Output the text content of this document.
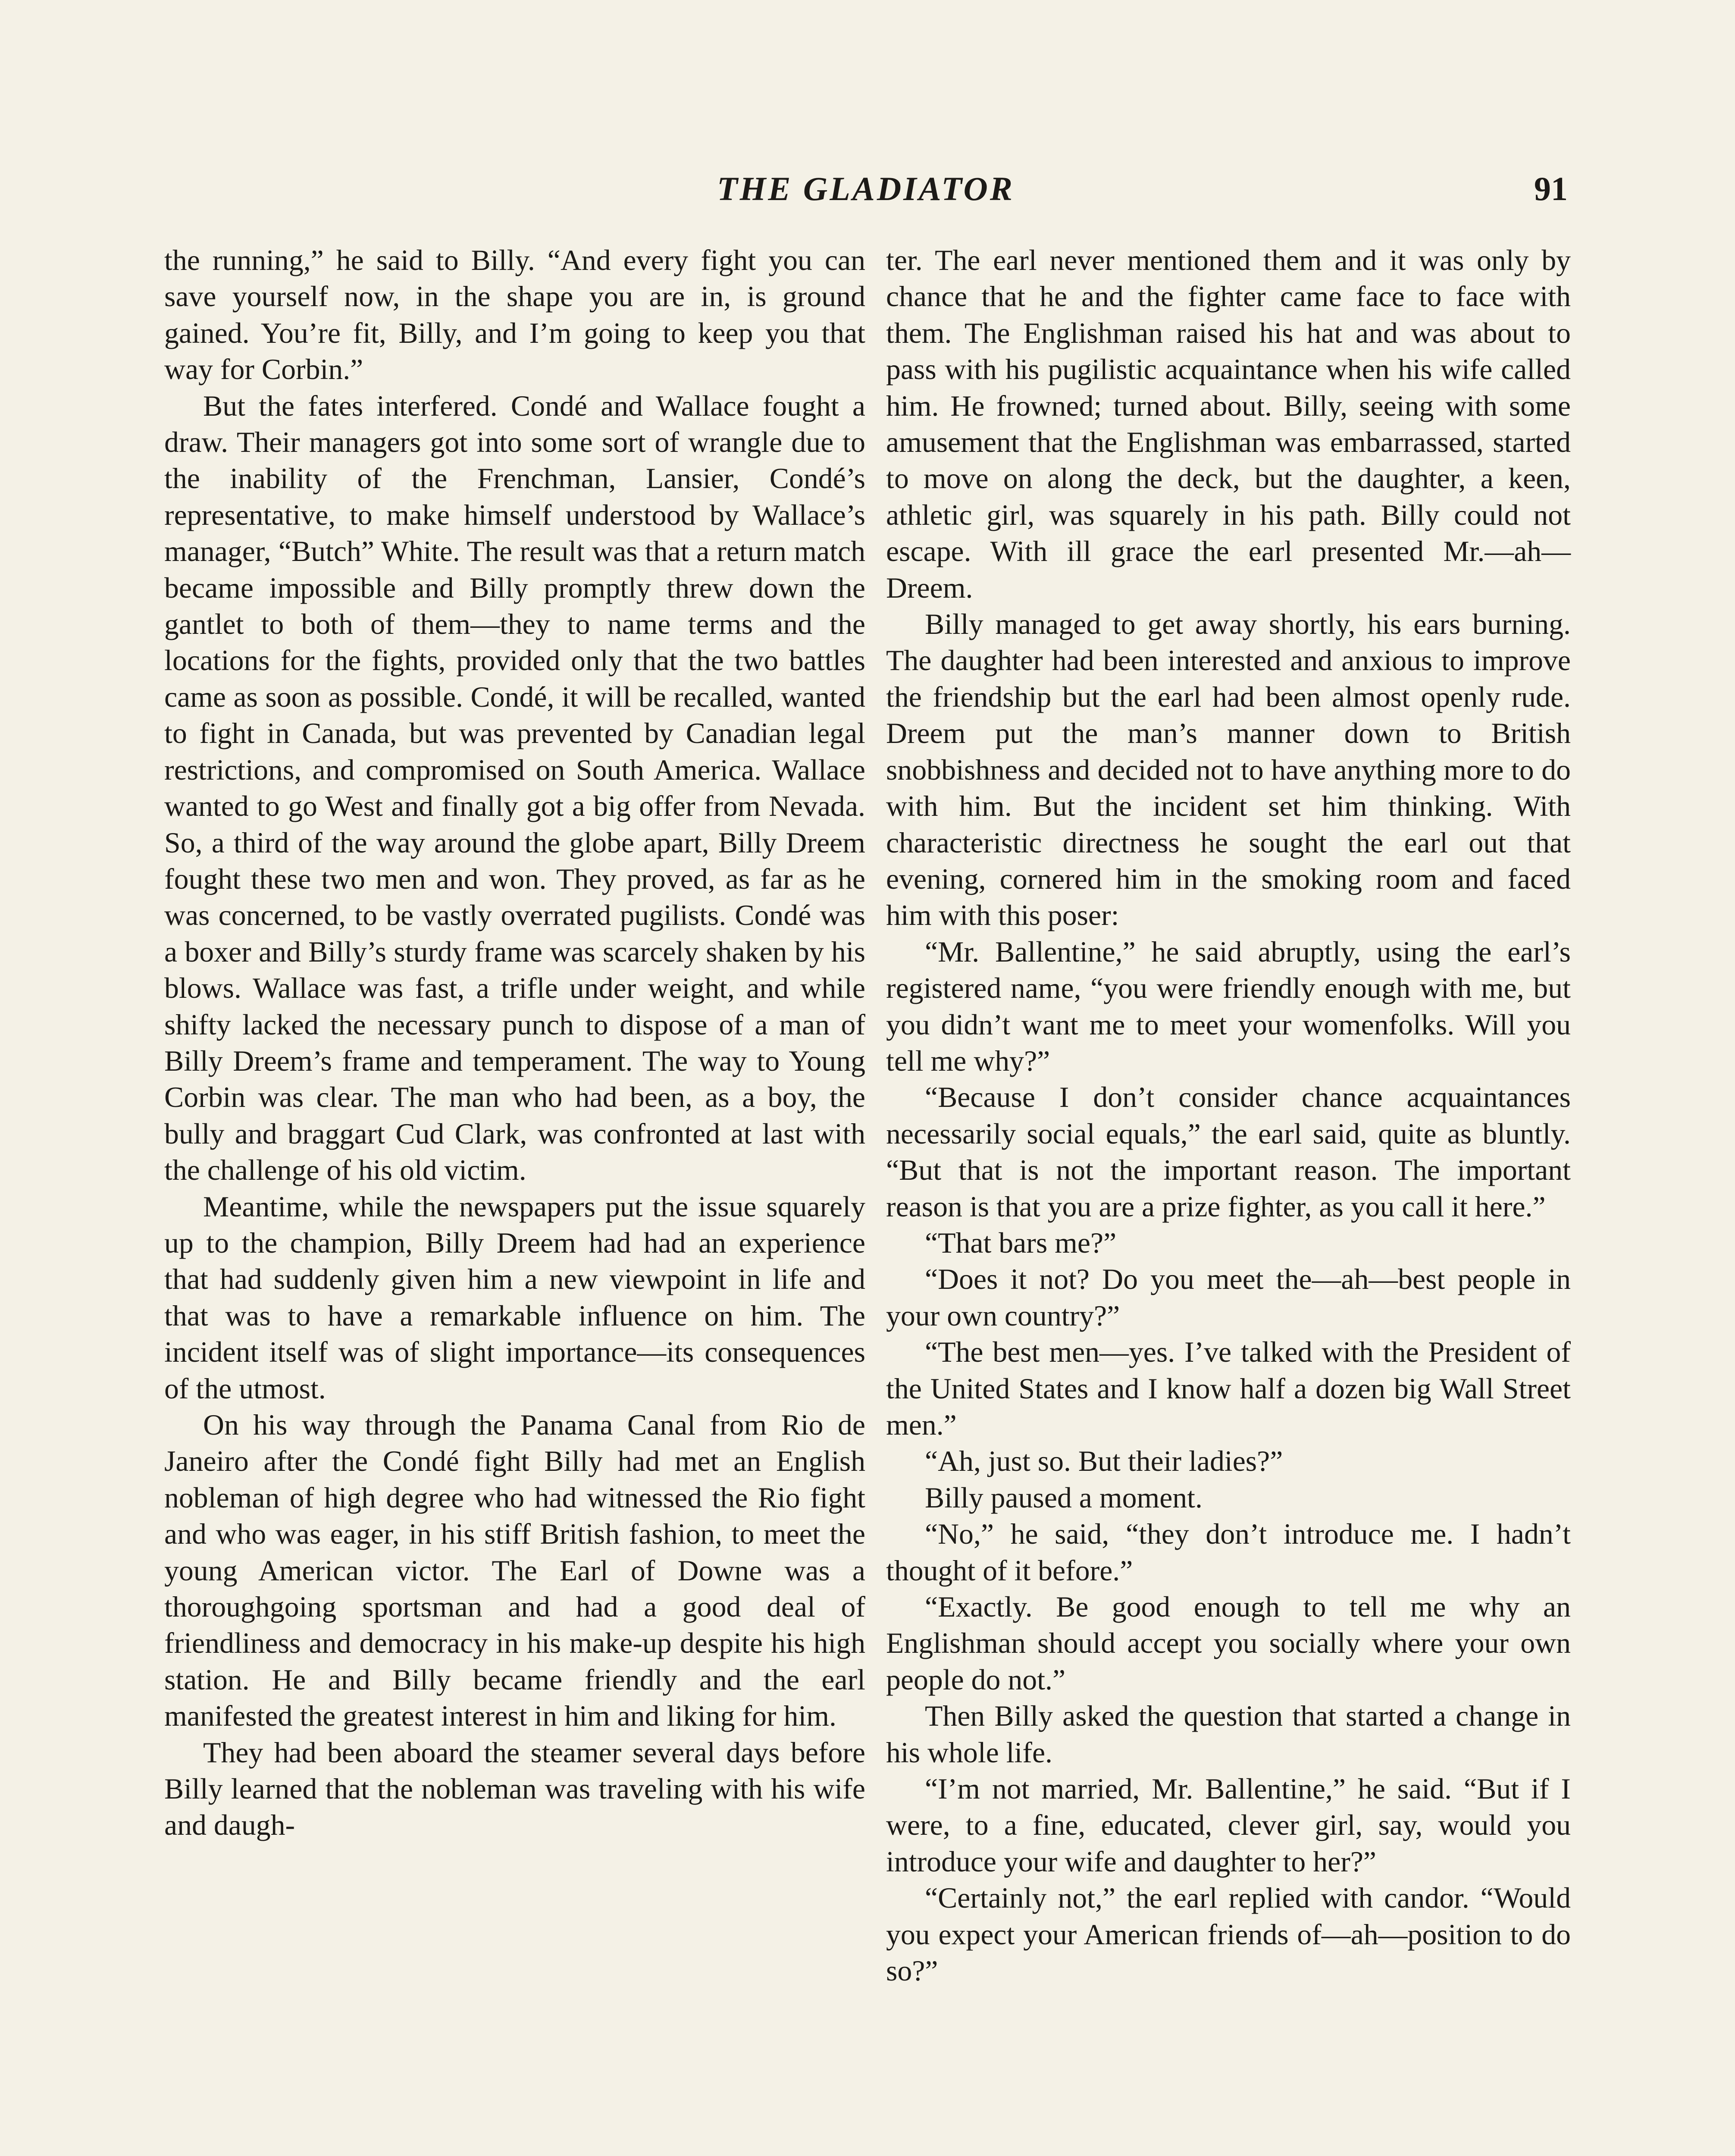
THE GLADIATOR	91

the running,” he said to Billy. “And every fight you can save yourself now, in the shape you are in, is ground gained. You’re fit, Billy, and I’m going to keep you that way for Corbin.”

But the fates interfered. Condé and Wallace fought a draw. Their managers got into some sort of wrangle due to the inability of the Frenchman, Lansier, Condé’s representative, to make himself understood by Wallace’s manager, “Butch” White. The result was that a return match became impossible and Billy promptly threw down the gantlet to both of them—they to name terms and the locations for the fights, provided only that the two battles came as soon as possible. Condé, it will be recalled, wanted to fight in Canada, but was prevented by Canadian legal restrictions, and compromised on South America. Wallace wanted to go West and finally got a big offer from Nevada. So, a third of the way around the globe apart, Billy Dreem fought these two men and won. They proved, as far as he was concerned, to be vastly overrated pugilists. Condé was a boxer and Billy’s sturdy frame was scarcely shaken by his blows. Wallace was fast, a trifle under weight, and while shifty lacked the necessary punch to dispose of a man of Billy Dreem’s frame and temperament. The way to Young Corbin was clear. The man who had been, as a boy, the bully and braggart Cud Clark, was confronted at last with the challenge of his old victim.

Meantime, while the newspapers put the issue squarely up to the champion, Billy Dreem had had an experience that had suddenly given him a new viewpoint in life and that was to have a remarkable influence on him. The incident itself was of slight importance—its consequences of the utmost.

On his way through the Panama Canal from Rio de Janeiro after the Condé fight Billy had met an English nobleman of high degree who had witnessed the Rio fight and who was eager, in his stiff British fashion, to meet the young American victor. The Earl of Downe was a thoroughgoing sportsman and had a good deal of friendliness and democracy in his make-up despite his high station. He and Billy became friendly and the earl manifested the greatest interest in him and liking for him.

They had been aboard the steamer several days before Billy learned that the nobleman was traveling with his wife and daugh-

ter. The earl never mentioned them and it was only by chance that he and the fighter came face to face with them. The Englishman raised his hat and was about to pass with his pugilistic acquaintance when his wife called him. He frowned; turned about. Billy, seeing with some amusement that the Englishman was embarrassed, started to move on along the deck, but the daughter, a keen, athletic girl, was squarely in his path. Billy could not escape. With ill grace the earl presented Mr.—ah—Dreem.

Billy managed to get away shortly, his ears burning. The daughter had been interested and anxious to improve the friendship but the earl had been almost openly rude. Dreem put the man’s manner down to British snobbishness and decided not to have anything more to do with him. But the incident set him thinking. With characteristic directness he sought the earl out that evening, cornered him in the smoking room and faced him with this poser:

“Mr. Ballentine,” he said abruptly, using the earl’s registered name, “you were friendly enough with me, but you didn’t want me to meet your womenfolks. Will you tell me why?”

“Because I don’t consider chance acquaintances necessarily social equals,” the earl said, quite as bluntly. “But that is not the important reason. The important reason is that you are a prize fighter, as you call it here.”

“That bars me?”

“Does it not? Do you meet the—ah—best people in your own country?”

“The best men—yes. I’ve talked with the President of the United States and I know half a dozen big Wall Street men.”

“Ah, just so. But their ladies?”

Billy paused a moment.

“No,” he said, “they don’t introduce me. I hadn’t thought of it before.”

“Exactly. Be good enough to tell me why an Englishman should accept you socially where your own people do not.”

Then Billy asked the question that started a change in his whole life.

“I’m not married, Mr. Ballentine,” he said. “But if I were, to a fine, educated, clever girl, say, would you introduce your wife and daughter to her?”

“Certainly not,” the earl replied with candor. “Would you expect your American friends of—ah—position to do so?”
